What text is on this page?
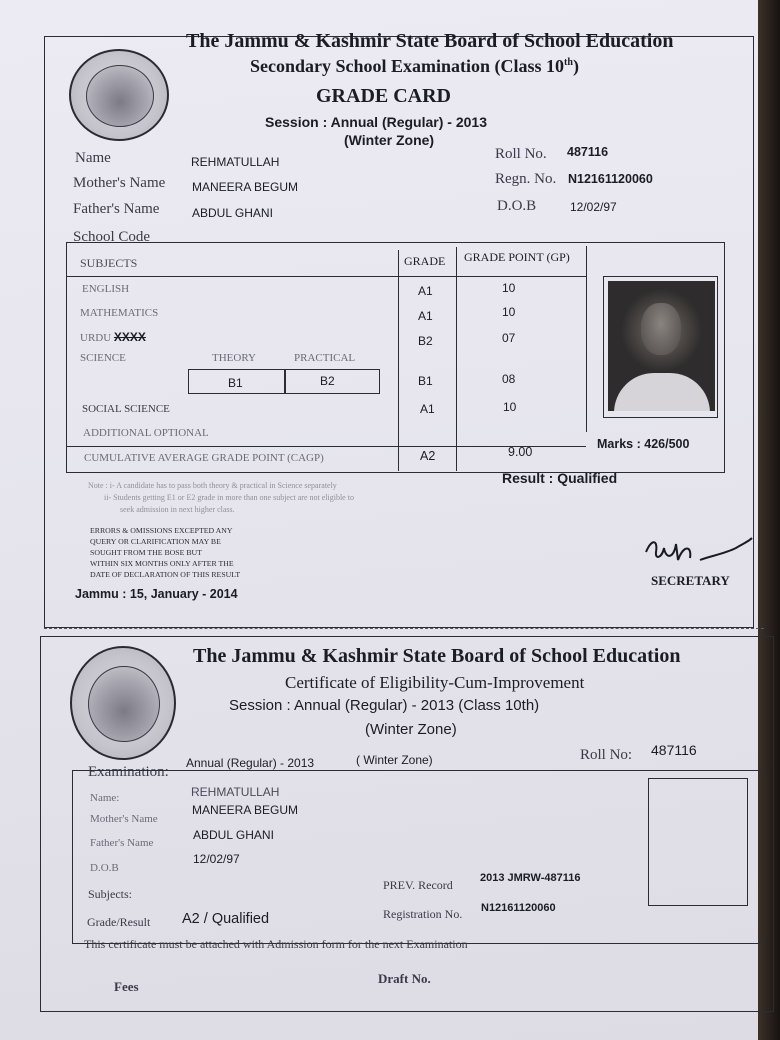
The Jammu & Kashmir State Board of School Education
Secondary School Examination (Class 10th)
GRADE CARD
Session : Annual (Regular) - 2013
(Winter Zone)
Name	REHMATULLAH
Mother's Name MANEERA BEGUM
Father's Name	ABDUL GHANI
School Code
Roll No. 487116
Regn. No. N12161120060
D.O.B	12/02/97
SUBJECTS	GRADE GRADE POINT (GP)
ENGLISH	A1	10
MATHEMATICS	A1	10
URDU XXXX	B2	07
SCIENCE	THEORY	PRACTICAL
B1	B2	B1	08
SOCIAL SCIENCE	A1	10
ADDITIONAL OPTIONAL
CUMULATIVE AVERAGE GRADE POINT (CAGP)	A2	9.00
Marks : 426/500
Result : Qualified
Note : i- A candidate has to pass both theory & practical in Science separately
ii- Students getting E1 or E2 grade in more than one subject are not eligible to
seek admission in next higher class.
ERRORS & OMISSIONS EXCEPTED ANY
QUERY OR CLARIFICATION MAY BE
SOUGHT FROM THE BOSE BUT
WITHIN SIX MONTHS ONLY AFTER THE
DATE OF DECLARATION OF THIS RESULT	SECRETARY
Jammu : 15, January - 2014
The Jammu & Kashmir State Board of School Education
Certificate of Eligibility-Cum-Improvement
Session : Annual (Regular) - 2013 (Class 10th)
(Winter Zone)
Examination:
Annual (Regular) - 2013	( Winter Zone)	Roll No: 487116
Name:	REHMATULLAH
Mother's Name
MANEERA BEGUM
Father's Name
ABDUL GHANI
D.O.B
12/02/97
Subjects:
PREV. Record 2013 JMRW-487116
Grade/Result A2 / Qualified	Registration No. N12161120060
This certificate must be attached with Admission form for the next Examination
Fees
Draft No.
